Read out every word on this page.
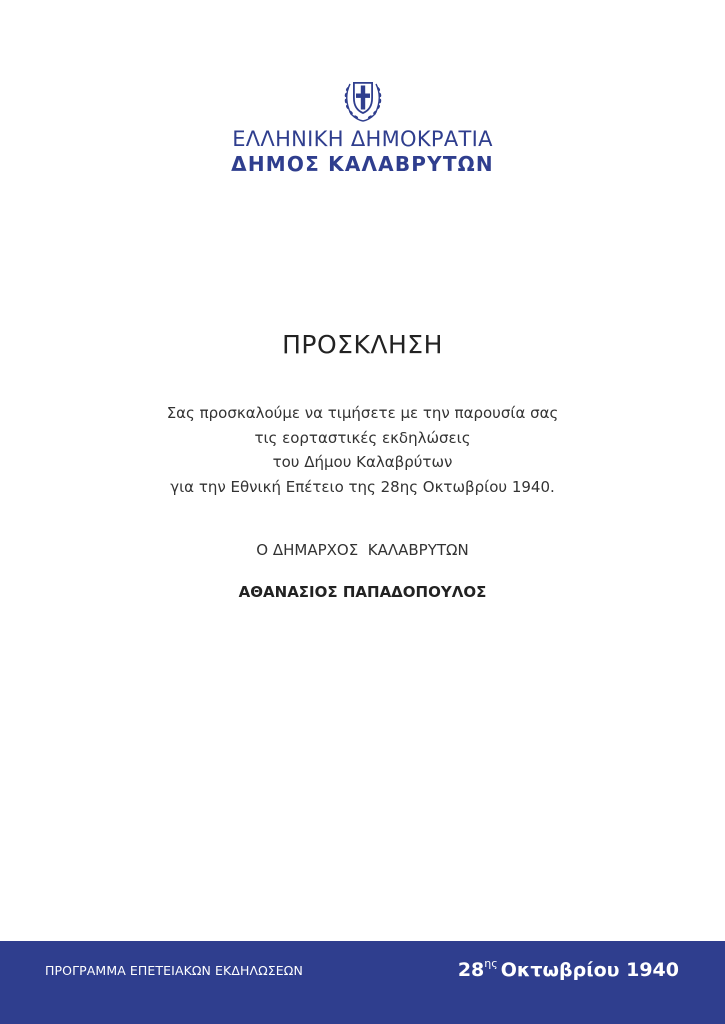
ΕΛΛΗΝΙΚΗ ΔΗΜΟΚΡΑΤΙΑ
ΔΗΜΟΣ ΚΑΛΑΒΡΥΤΩΝ
ΠΡΟΣΚΛΗΣΗ
Σας προσκαλούμε να τιμήσετε με την παρουσία σας
τις εορταστικές εκδηλώσεις
του Δήμου Καλαβρύτων
για την Εθνική Επέτειο της 28ης Οκτωβρίου 1940.
Ο ΔΗΜΑΡΧΟΣ  ΚΑΛΑΒΡΥΤΩΝ
ΑΘΑΝΑΣΙΟΣ ΠΑΠΑΔΟΠΟΥΛΟΣ
ΠΡΟΓΡΑΜΜΑ ΕΠΕΤΕΙΑΚΩΝ ΕΚΔΗΛΩΣΕΩΝ	$28^{\eta\varsigma}$ Οκτωβρίου 1940
